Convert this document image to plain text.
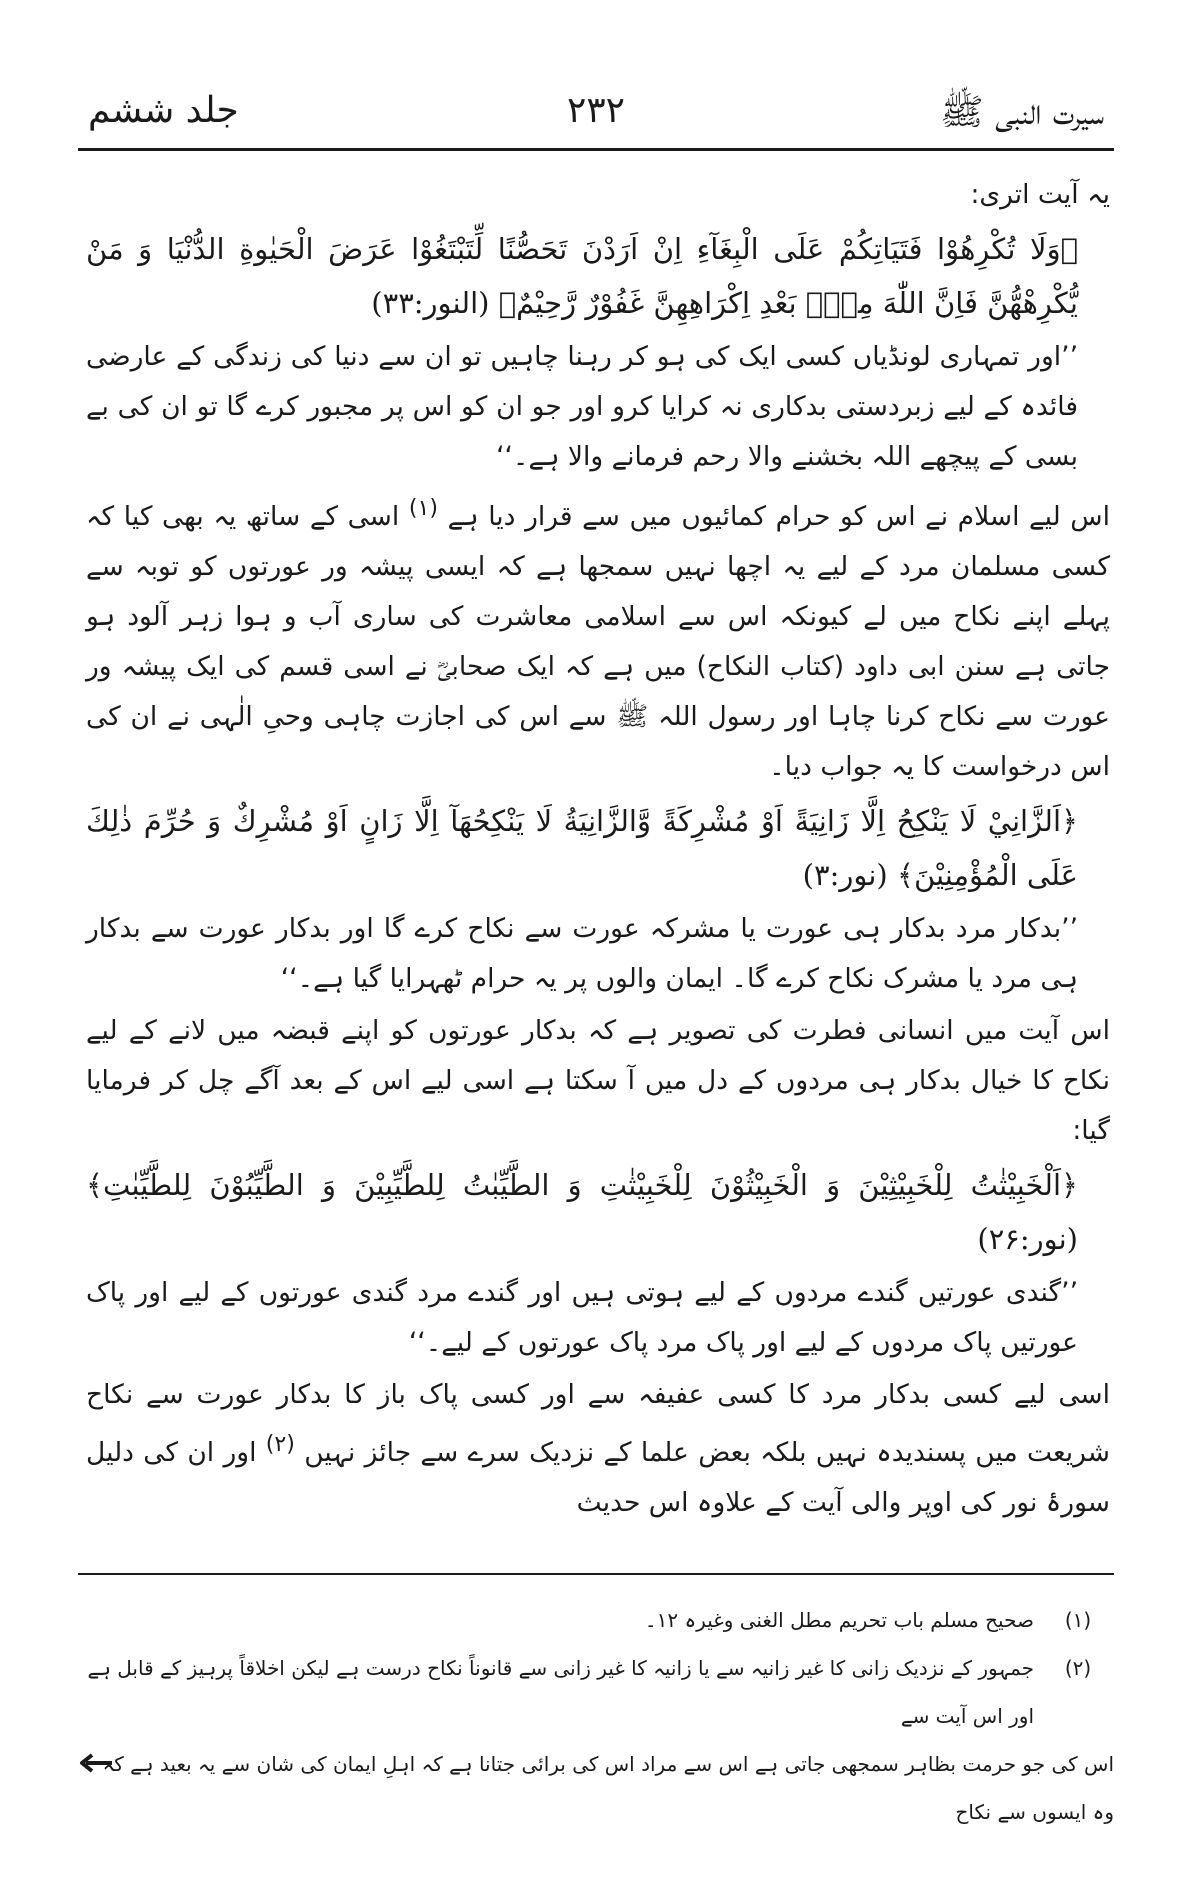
سیرت النبی ﷺ
۲۳۲
جلد ششم

یہ آیت اتری:

﴿وَلَا تُكْرِهُوْا فَتَيَاتِكُمْ عَلَى الْبِغَآءِ اِنْ اَرَدْنَ تَحَصُّنًا لِّتَبْتَغُوْا عَرَضَ الْحَيٰوةِ الدُّنْيَا وَ مَنْ يُّكْرِهْهُّنَّ فَاِنَّ اللّٰهَ مِنْۢ بَعْدِ اِكْرَاهِهِنَّ غَفُوْرٌ رَّحِيْمٌ﴾ (النور:۳۳)

’’اور تمہاری لونڈیاں کسی ایک کی ہو کر رہنا چاہیں تو ان سے دنیا کی زندگی کے عارضی فائدہ کے لیے زبردستی بدکاری نہ کرایا کرو اور جو ان کو اس پر مجبور کرے گا تو ان کی بے بسی کے پیچھے اللہ بخشنے والا رحم فرمانے والا ہے۔‘‘

اس لیے اسلام نے اس کو حرام کمائیوں میں سے قرار دیا ہے $^{(۱)}$ اسی کے ساتھ یہ بھی کیا کہ کسی مسلمان مرد کے لیے یہ اچھا نہیں سمجھا ہے کہ ایسی پیشہ ور عورتوں کو توبہ سے پہلے اپنے نکاح میں لے کیونکہ اس سے اسلامی معاشرت کی ساری آب و ہوا زہر آلود ہو جاتی ہے سنن ابی داود (کتاب النکاح) میں ہے کہ ایک صحابیؓ نے اسی قسم کی ایک پیشہ ور عورت سے نکاح کرنا چاہا اور رسول اللہ ﷺ سے اس کی اجازت چاہی وحیِ الٰہی نے ان کی اس درخواست کا یہ جواب دیا۔

﴿اَلزَّانِيْ لَا يَنْكِحُ اِلَّا زَانِيَةً اَوْ مُشْرِكَةً وَّالزَّانِيَةُ لَا يَنْكِحُهَآ اِلَّا زَانٍ اَوْ مُشْرِكٌ وَ حُرِّمَ ذٰلِكَ عَلَى الْمُؤْمِنِيْنَ﴾ (نور:۳)

’’بدکار مرد بدکار ہی عورت یا مشرکہ عورت سے نکاح کرے گا اور بدکار عورت سے بدکار ہی مرد یا مشرک نکاح کرے گا۔ ایمان والوں پر یہ حرام ٹھہرایا گیا ہے۔‘‘

اس آیت میں انسانی فطرت کی تصویر ہے کہ بدکار عورتوں کو اپنے قبضہ میں لانے کے لیے نکاح کا خیال بدکار ہی مردوں کے دل میں آ سکتا ہے اسی لیے اس کے بعد آگے چل کر فرمایا گیا:

﴿اَلْخَبِيْثٰتُ لِلْخَبِيْثِيْنَ وَ الْخَبِيْثُوْنَ لِلْخَبِيْثٰتِ وَ الطَّيِّبٰتُ لِلطَّيِّبِيْنَ وَ الطَّيِّبُوْنَ لِلطَّيِّبٰتِ﴾ (نور:۲۶)

’’گندی عورتیں گندے مردوں کے لیے ہوتی ہیں اور گندے مرد گندی عورتوں کے لیے اور پاک عورتیں پاک مردوں کے لیے اور پاک مرد پاک عورتوں کے لیے۔‘‘

اسی لیے کسی بدکار مرد کا کسی عفیفہ سے اور کسی پاک باز کا بدکار عورت سے نکاح شریعت میں پسندیدہ نہیں بلکہ بعض علما کے نزدیک سرے سے جائز نہیں $^{(۲)}$ اور ان کی دلیل سورۂ نور کی اوپر والی آیت کے علاوہ اس حدیث

(۱)
صحیح مسلم باب تحریم مطل الغنی وغیرہ ۱۲۔

(۲)
جمہور کے نزدیک زانی کا غیر زانیہ سے یا زانیہ کا غیر زانی سے قانوناً نکاح درست ہے لیکن اخلاقاً پرہیز کے قابل ہے اور اس آیت سے

اس کی جو حرمت بظاہر سمجھی جاتی ہے اس سے مراد اس کی برائی جتانا ہے کہ اہلِ ایمان کی شان سے یہ بعید ہے کہ وہ ایسوں سے نکاح
